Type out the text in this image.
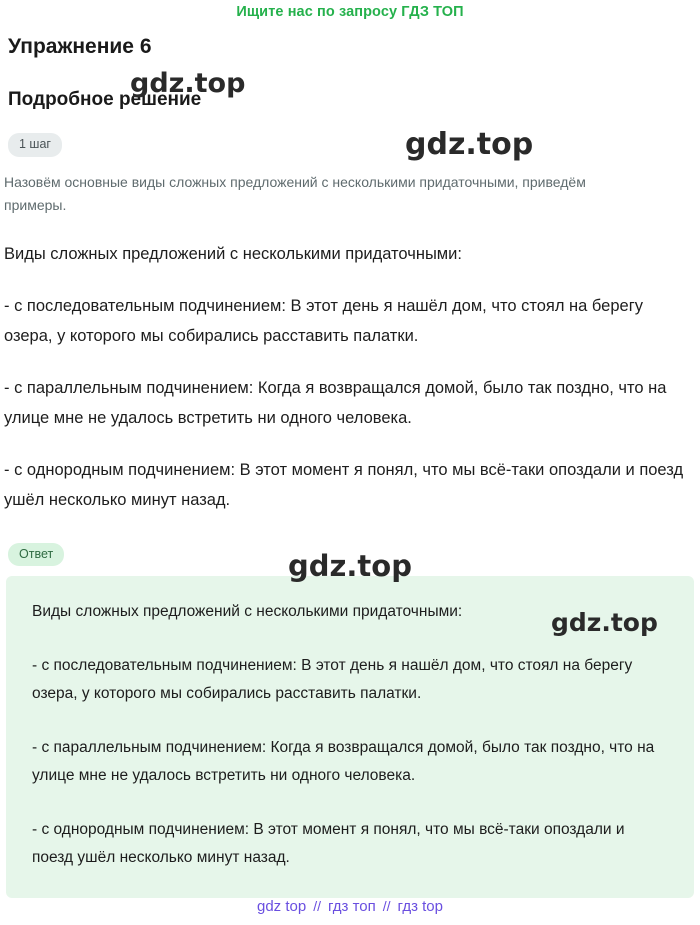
Ищите нас по запросу ГДЗ ТОП
Упражнение 6
Подробное решение
1 шаг

Назовём основные виды сложных предложений с несколькими придаточными, приведём примеры.

Виды сложных предложений с несколькими придаточными:

- с последовательным подчинением: В этот день я нашёл дом, что стоял на берегу озера, у которого мы собирались расставить палатки.

- с параллельным подчинением: Когда я возвращался домой, было так поздно, что на улице мне не удалось встретить ни одного человека.

- с однородным подчинением: В этот момент я понял, что мы всё-таки опоздали и поезд ушёл несколько минут назад.

Ответ

Виды сложных предложений с несколькими придаточными:

- с последовательным подчинением: В этот день я нашёл дом, что стоял на берегу озера, у которого мы собирались расставить палатки.

- с параллельным подчинением: Когда я возвращался домой, было так поздно, что на улице мне не удалось встретить ни одного человека.

- с однородным подчинением: В этот момент я понял, что мы всё-таки опоздали и поезд ушёл несколько минут назад.

gdz top // гдз топ // гдз top
gdz.top
gdz.top
gdz.top
gdz.top
